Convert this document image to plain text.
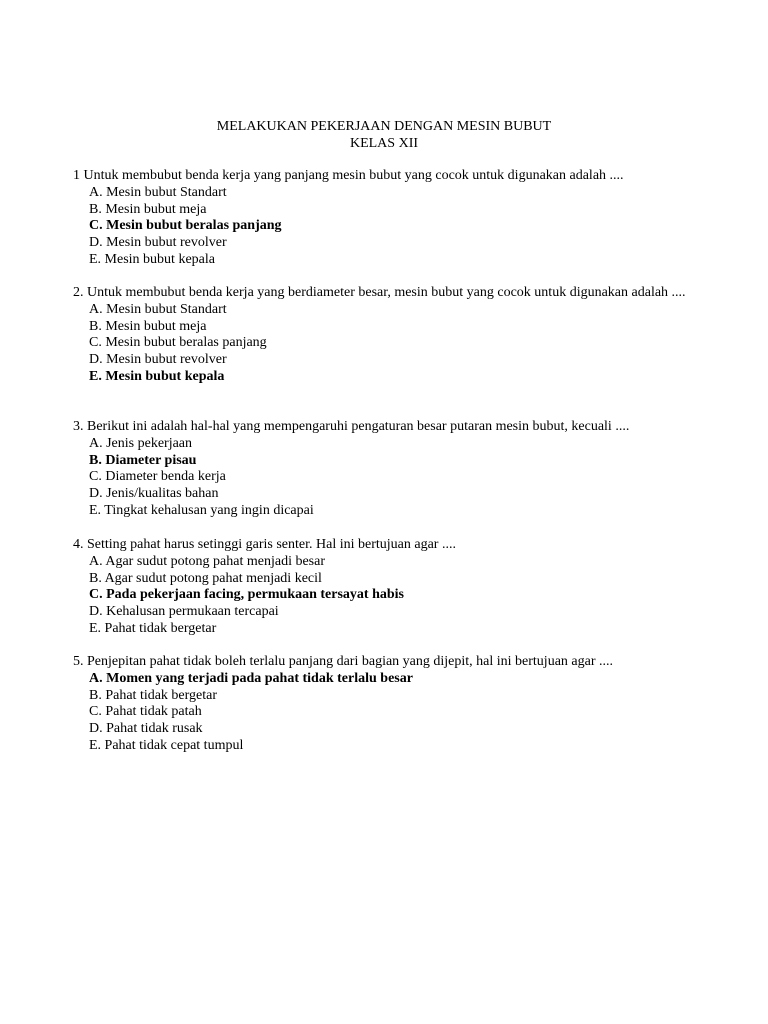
MELAKUKAN PEKERJAAN DENGAN MESIN BUBUT
KELAS XII
1 Untuk membubut benda kerja yang panjang mesin bubut yang cocok untuk digunakan adalah ....
A. Mesin bubut Standart
B. Mesin bubut meja
C. Mesin bubut beralas panjang
D. Mesin bubut revolver
E. Mesin bubut kepala
2. Untuk membubut benda kerja yang berdiameter besar, mesin bubut yang cocok untuk digunakan adalah ....
A. Mesin bubut Standart
B. Mesin bubut meja
C. Mesin bubut beralas panjang
D. Mesin bubut revolver
E. Mesin bubut kepala
3. Berikut ini adalah hal-hal yang mempengaruhi pengaturan besar putaran mesin bubut, kecuali ....
A. Jenis pekerjaan
B. Diameter pisau
C. Diameter benda kerja
D. Jenis/kualitas bahan
E. Tingkat kehalusan yang ingin dicapai
4. Setting pahat harus setinggi garis senter. Hal ini bertujuan agar ....
A. Agar sudut potong pahat menjadi besar
B. Agar sudut potong pahat menjadi kecil
C. Pada pekerjaan facing, permukaan tersayat habis
D. Kehalusan permukaan tercapai
E. Pahat tidak bergetar
5. Penjepitan pahat tidak boleh terlalu panjang dari bagian yang dijepit, hal ini bertujuan agar ....
A. Momen yang terjadi pada pahat tidak terlalu besar
B. Pahat tidak bergetar
C. Pahat tidak patah
D. Pahat tidak rusak
E. Pahat tidak cepat tumpul
